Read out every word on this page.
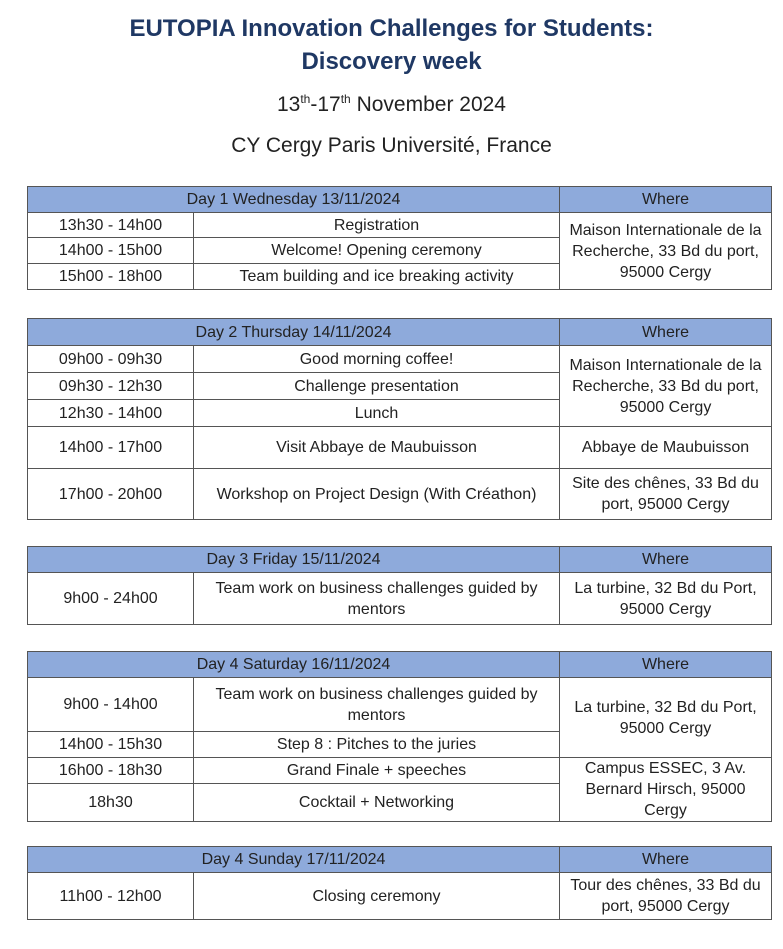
EUTOPIA Innovation Challenges for Students:
Discovery week
13th-17th November 2024
CY Cergy Paris Université, France
Day 1 Wednesday 13/11/2024		Where
13h30 - 14h00	Registration	Maison Internationale de la Recherche, 33 Bd du port, 95000 Cergy
14h00 - 15h00	Welcome! Opening ceremony	
15h00 - 18h00	Team building and ice breaking activity	
Day 2 Thursday 14/11/2024		Where
09h00 - 09h30	Good morning coffee!	Maison Internationale de la Recherche, 33 Bd du port, 95000 Cergy
09h30 - 12h30	Challenge presentation	
12h30 - 14h00	Lunch	
14h00 - 17h00	Visit Abbaye de Maubuisson	Abbaye de Maubuisson
17h00 - 20h00	Workshop on Project Design (With Créathon)	Site des chênes, 33 Bd du port, 95000 Cergy
Day 3 Friday 15/11/2024		Where
9h00 - 24h00	Team work on business challenges guided by mentors	La turbine, 32 Bd du Port, 95000 Cergy
Day 4 Saturday 16/11/2024		Where
9h00 - 14h00	Team work on business challenges guided by mentors	La turbine, 32 Bd du Port, 95000 Cergy
14h00 - 15h30	Step 8 : Pitches to the juries	
16h00 - 18h30	Grand Finale + speeches	Campus ESSEC, 3 Av. Bernard Hirsch, 95000 Cergy
18h30	Cocktail + Networking	
Day 4 Sunday 17/11/2024		Where
11h00 - 12h00	Closing ceremony	Tour des chênes, 33 Bd du port, 95000 Cergy
